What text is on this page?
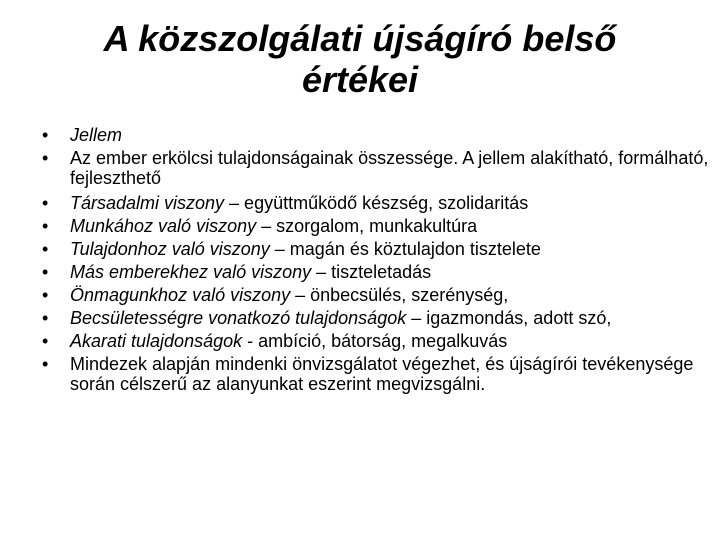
A közszolgálati újságíró belső
értékei
•	Jellem
•	Az ember erkölcsi tulajdonságainak összessége. A jellem alakítható, formálható, fejleszthető
•	Társadalmi viszony – együttműködő készség, szolidaritás
•	Munkához való viszony – szorgalom, munkakultúra
•	Tulajdonhoz való viszony – magán és köztulajdon tisztelete
•	Más emberekhez való viszony – tiszteletadás
•	Önmagunkhoz való viszony – önbecsülés, szerénység,
•	Becsületességre vonatkozó tulajdonságok – igazmondás, adott szó,
•	Akarati tulajdonságok - ambíció, bátorság, megalkuvás
•	Mindezek alapján mindenki önvizsgálatot végezhet, és újságírói tevékenysége során célszerű az alanyunkat eszerint megvizsgálni.
